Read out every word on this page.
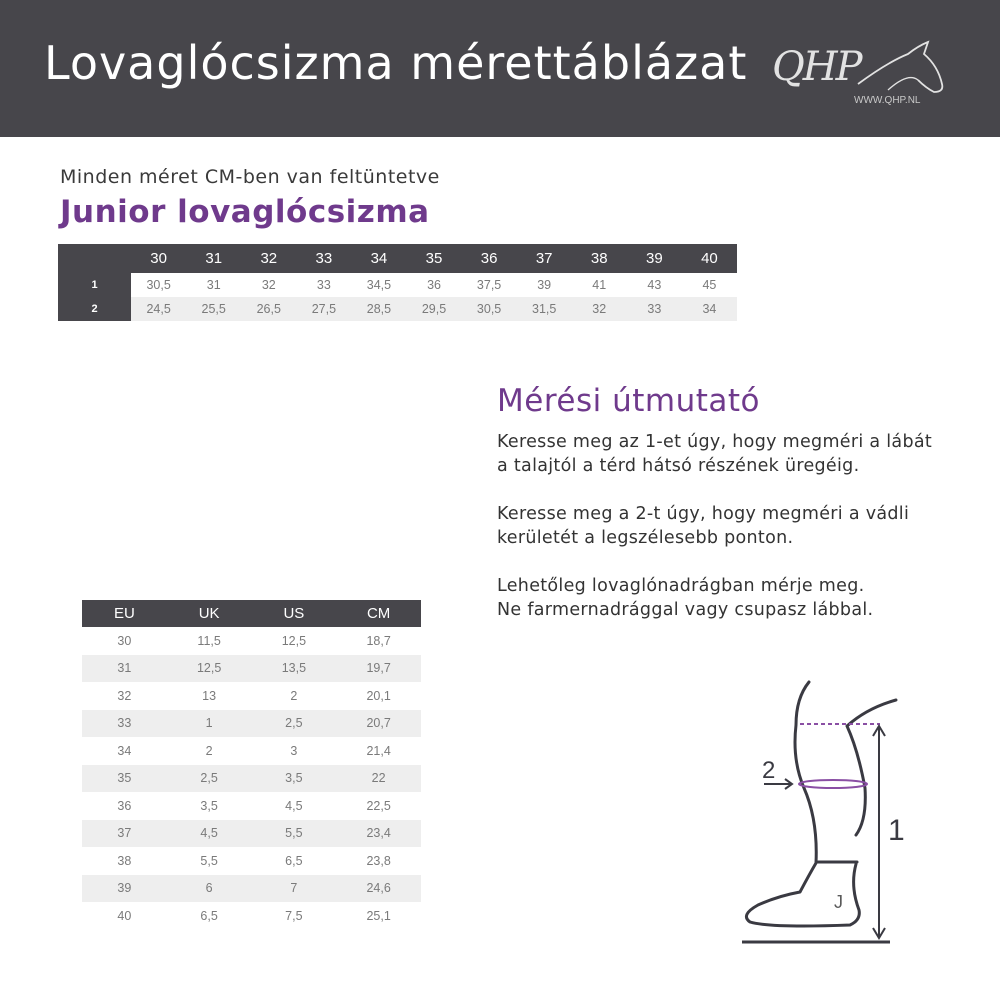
Lovaglócsizma mérettáblázat QHP
WWW.QHP.NL
Minden méret CM-ben van feltüntetve
Junior lovaglócsizma
	30	31	32	33	34	35	36	37	38	39	40
1	30,5	31	32	33	34,5	36	37,5	39	41	43	45
2	24,5	25,5	26,5	27,5	28,5	29,5	30,5	31,5	32	33	34
Mérési útmutató
Keresse meg az 1-et úgy, hogy megméri a lábát
a talajtól a térd hátsó részének üregéig.
Keresse meg a 2-t úgy, hogy megméri a vádli
kerületét a legszélesebb ponton.
Lehetőleg lovaglónadrágban mérje meg.
Ne farmernadrággal vagy csupasz lábbal.
EU	UK	US	CM
30	11,5	12,5	18,7
31	12,5	13,5	19,7
32	13	2	20,1
33	1	2,5	20,7
34	2	3	21,4
35	2,5	3,5	22
36	3,5	4,5	22,5
37	4,5	5,5	23,4
38	5,5	6,5	23,8
39	6	7	24,6
40	6,5	7,5	25,1
1
2
J
